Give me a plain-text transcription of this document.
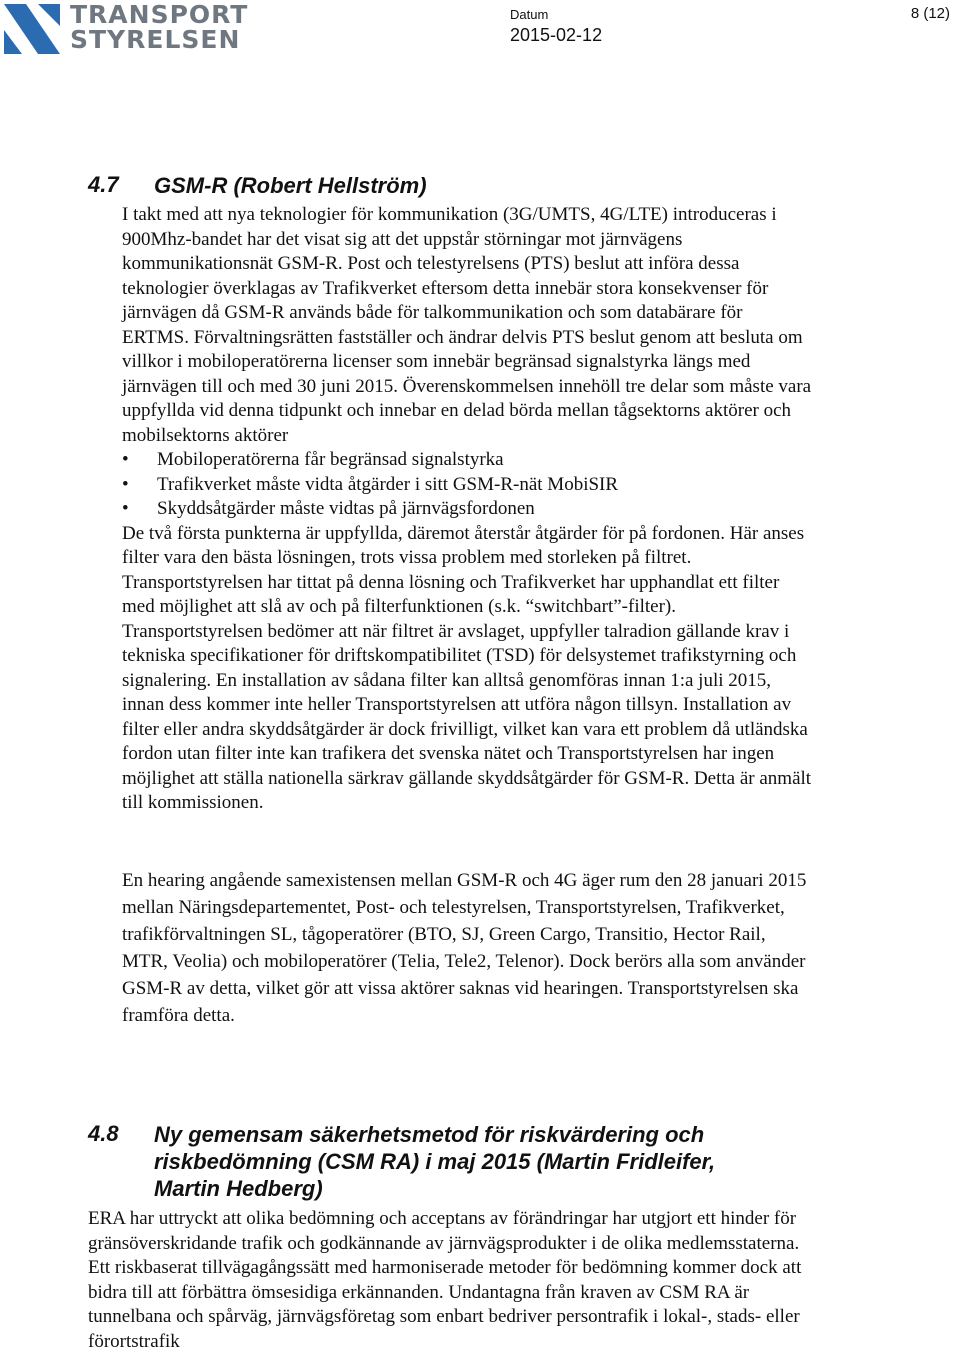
TRANSPORT
STYRELSEN
Datum
2015-02-12
8 (12)
4.7 GSM-R (Robert Hellström)

I takt med att nya teknologier för kommunikation (3G/UMTS, 4G/LTE) introduceras i 900Mhz-bandet har det visat sig att det uppstår störningar mot järnvägens kommunikationsnät GSM-R. Post och telestyrelsens (PTS) beslut att införa dessa teknologier överklagas av Trafikverket eftersom detta innebär stora konsekvenser för järnvägen då GSM-R används både för talkommunikation och som databärare för ERTMS. Förvaltningsrätten fastställer och ändrar delvis PTS beslut genom att besluta om villkor i mobiloperatörerna licenser som innebär begränsad signalstyrka längs med järnvägen till och med 30 juni 2015. Överenskommelsen innehöll tre delar som måste vara uppfyllda vid denna tidpunkt och innebar en delad börda mellan tågsektorns aktörer och mobilsektorns aktörer

• Mobiloperatörerna får begränsad signalstyrka
• Trafikverket måste vidta åtgärder i sitt GSM-R-nät MobiSIR
• Skyddsåtgärder måste vidtas på järnvägsfordonen

De två första punkterna är uppfyllda, däremot återstår åtgärder för på fordonen. Här anses filter vara den bästa lösningen, trots vissa problem med storleken på filtret. Transportstyrelsen har tittat på denna lösning och Trafikverket har upphandlat ett filter med möjlighet att slå av och på filterfunktionen (s.k. “switchbart”-filter). Transportstyrelsen bedömer att när filtret är avslaget, uppfyller talradion gällande krav i tekniska specifikationer för driftskompatibilitet (TSD) för delsystemet trafikstyrning och signalering. En installation av sådana filter kan alltså genomföras innan 1:a juli 2015, innan dess kommer inte heller Transportstyrelsen att utföra någon tillsyn. Installation av filter eller andra skyddsåtgärder är dock frivilligt, vilket kan vara ett problem då utländska fordon utan filter inte kan trafikera det svenska nätet och Transportstyrelsen har ingen möjlighet att ställa nationella särkrav gällande skyddsåtgärder för GSM-R. Detta är anmält till kommissionen.

En hearing angående samexistensen mellan GSM-R och 4G äger rum den 28 januari 2015 mellan Näringsdepartementet, Post- och telestyrelsen, Transportstyrelsen, Trafikverket, trafikförvaltningen SL, tågoperatörer (BTO, SJ, Green Cargo, Transitio, Hector Rail, MTR, Veolia) och mobiloperatörer (Telia, Tele2, Telenor). Dock berörs alla som använder GSM-R av detta, vilket gör att vissa aktörer saknas vid hearingen. Transportstyrelsen ska framföra detta.

4.8 Ny gemensam säkerhetsmetod för riskvärdering och
riskbedömning (CSM RA) i maj 2015 (Martin Fridleifer,
Martin Hedberg)

ERA har uttryckt att olika bedömning och acceptans av förändringar har utgjort ett hinder för gränsöverskridande trafik och godkännande av järnvägsprodukter i de olika medlemsstaterna. Ett riskbaserat tillvägagångssätt med harmoniserade metoder för bedömning kommer dock att bidra till att förbättra ömsesidiga erkännanden. Undantagna från kraven av CSM RA är tunnelbana och spårväg, järnvägsföretag som enbart bedriver persontrafik i lokal-, stads- eller förortstrafik
